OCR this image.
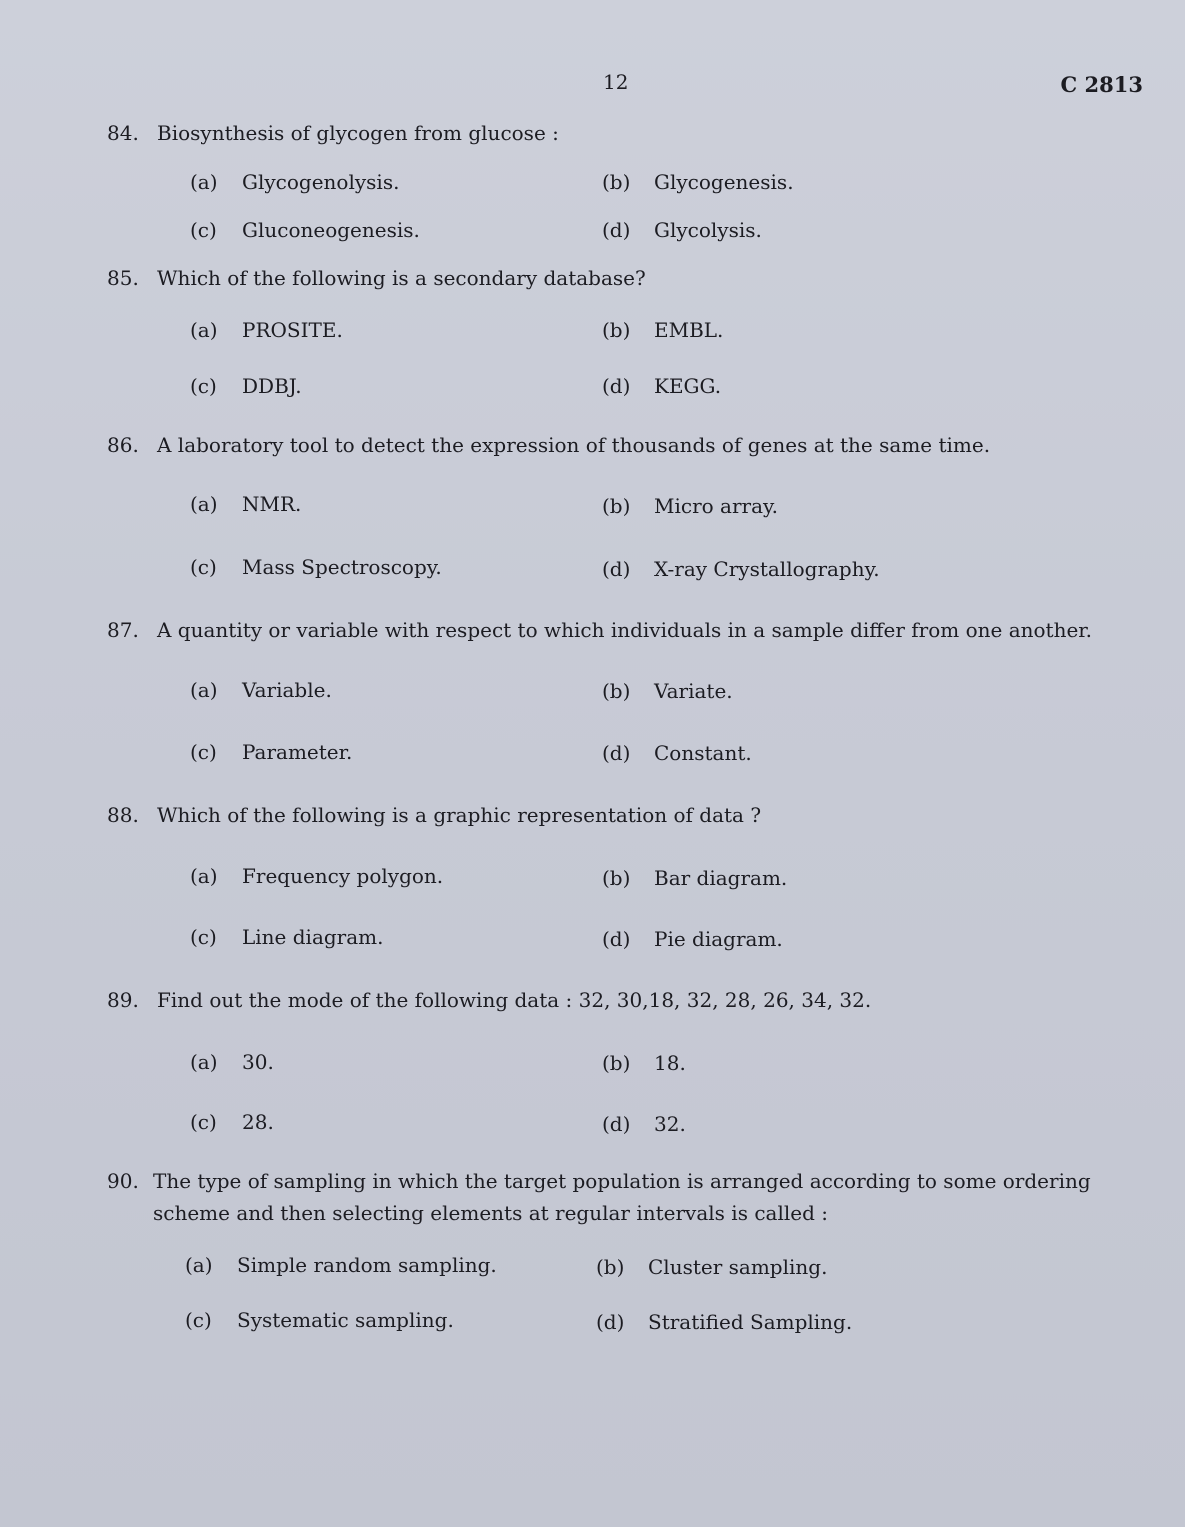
12	C 2813
84. Biosynthesis of glycogen from glucose :
(a) Glycogenolysis.	(b) Glycogenesis.
(c) Gluconeogenesis.	(d) Glycolysis.
85. Which of the following is a secondary database?
(a) PROSITE.	(b) EMBL.
(c) DDBJ.	(d) KEGG.
86. A laboratory tool to detect the expression of thousands of genes at the same time.
(a) NMR.	(b) Micro array.
(c) Mass Spectroscopy.	(d) X-ray Crystallography.
87. A quantity or variable with respect to which individuals in a sample differ from one another.
(a) Variable.	(b) Variate.
(c) Parameter.	(d) Constant.
88. Which of the following is a graphic representation of data ?
(a) Frequency polygon.	(b) Bar diagram.
(c) Line diagram.	(d) Pie diagram.
89. Find out the mode of the following data : 32, 30,18, 32, 28, 26, 34, 32.
(a) 30.	(b) 18.
(c) 28.	(d) 32.
90. The type of sampling in which the target population is arranged according to some ordering scheme and then selecting elements at regular intervals is called :
(a) Simple random sampling.	(b) Cluster sampling.
(c) Systematic sampling.	(d) Stratified Sampling.
